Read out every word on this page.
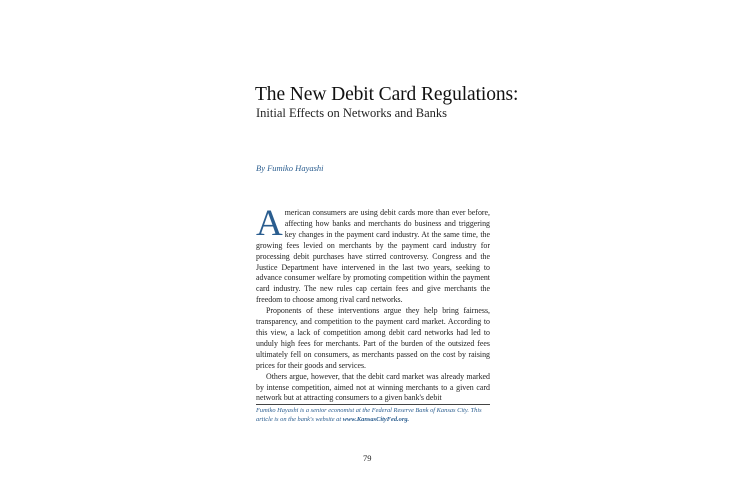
The New Debit Card Regulations:
Initial Effects on Networks and Banks
By Fumiko Hayashi

American consumers are using debit cards more than ever before, affecting how banks and merchants do business and triggering key changes in the payment card industry. At the same time, the growing fees levied on merchants by the payment card industry for processing debit purchases have stirred controversy. Congress and the Justice Department have intervened in the last two years, seeking to advance consumer welfare by promoting competition within the payment card industry. The new rules cap certain fees and give merchants the freedom to choose among rival card networks.

Proponents of these interventions argue they help bring fairness, transparency, and competition to the payment card market. According to this view, a lack of competition among debit card networks had led to unduly high fees for merchants. Part of the burden of the outsized fees ultimately fell on consumers, as merchants passed on the cost by raising prices for their goods and services.

Others argue, however, that the debit card market was already marked by intense competition, aimed not at winning merchants to a given card network but at attracting consumers to a given bank's debit

Fumiko Hayashi is a senior economist at the Federal Reserve Bank of Kansas City. This article is on the bank's website at www.KansasCityFed.org.
79
